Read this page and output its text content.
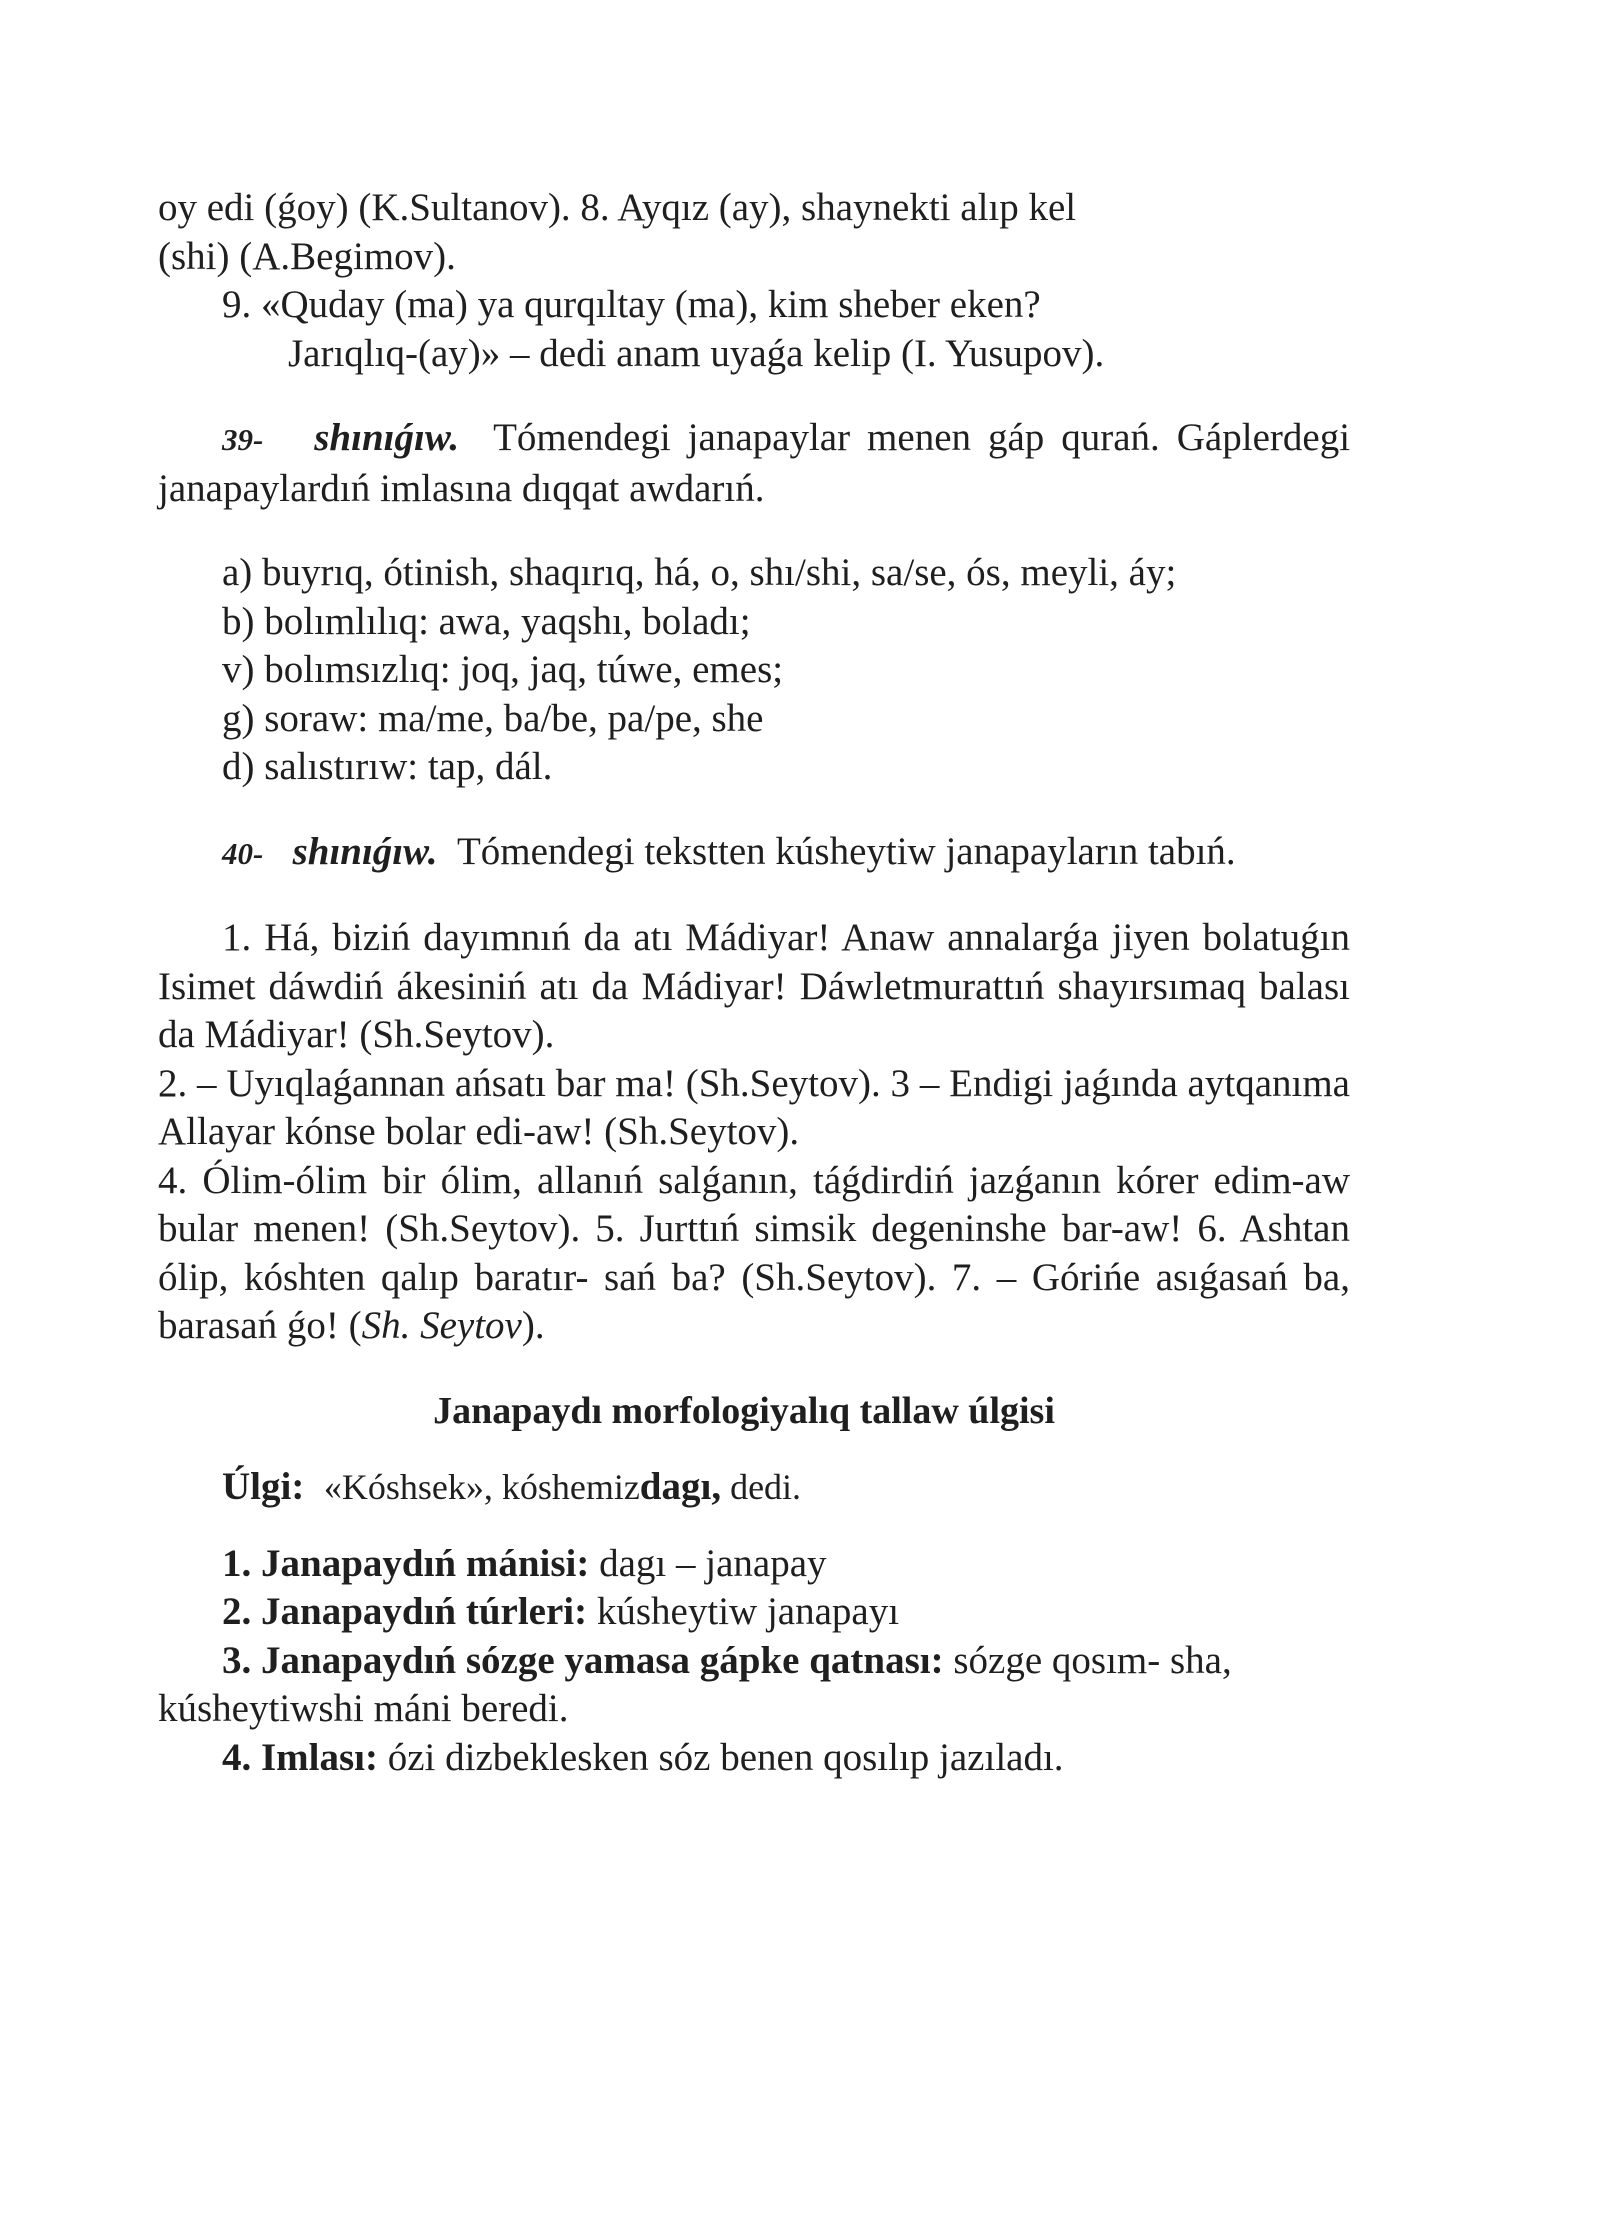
oy edi (ǵoy) (K.Sultanov). 8. Ayqız (ay), shaynekti alıp kel

(shi) (A.Begimov).

9. «Quday (ma) ya qurqıltay (ma), kim sheber eken?

Jarıqlıq-(ay)» – dedi anam uyaǵa kelip (I. Yusupov).

39- shınıǵıw. Tómendegi janapaylar menen gáp qurań. Gáplerdegi janapaylardıń imlasına dıqqat awdarıń.

a) buyrıq, ótinish, shaqırıq, há, o, shı/shi, sa/se, ós, meyli, áy;

b) bolımlılıq: awa, yaqshı, boladı;

v) bolımsızlıq: joq, jaq, túwe, emes;

g) soraw: ma/me, ba/be, pa/pe, she

d) salıstırıw: tap, dál.

40- shınıǵıw. Tómendegi tekstten kúsheytiw janapayların tabıń.

1. Há, biziń dayımnıń da atı Mádiyar! Anaw annalarǵa jiyen bolatuǵın Isimet dáwdiń ákesiniń atı da Mádiyar! Dáwletmurattıń shayırsımaq balası da Mádiyar! (Sh.Seytov).

2. – Uyıqlaǵannan ańsatı bar ma! (Sh.Seytov). 3 – Endigi jaǵında aytqanıma Allayar kónse bolar edi-aw! (Sh.Seytov).

4. Ólim-ólim bir ólim, allanıń salǵanın, táǵdirdiń jazǵanın kórer edim-aw bular menen! (Sh.Seytov). 5. Jurttıń simsik degeninshe bar-aw! 6. Ashtan ólip, kóshten qalıp baratır- sań ba? (Sh.Seytov). 7. – Górińe asıǵasań ba, barasań ǵo! (Sh. Seytov).

Janapaydı morfologiyalıq tallaw úlgisi

Úlgi: «Kóshsek», kóshemizdagı, dedi.

1. Janapaydıń mánisi: dagı – janapay

2. Janapaydıń túrleri: kúsheytiw janapayı

3. Janapaydıń sózge yamasa gápke qatnası: sózge qosım- sha, kúsheytiwshi máni beredi.

4. Imlası: ózi dizbeklesken sóz benen qosılıp jazıladı.
